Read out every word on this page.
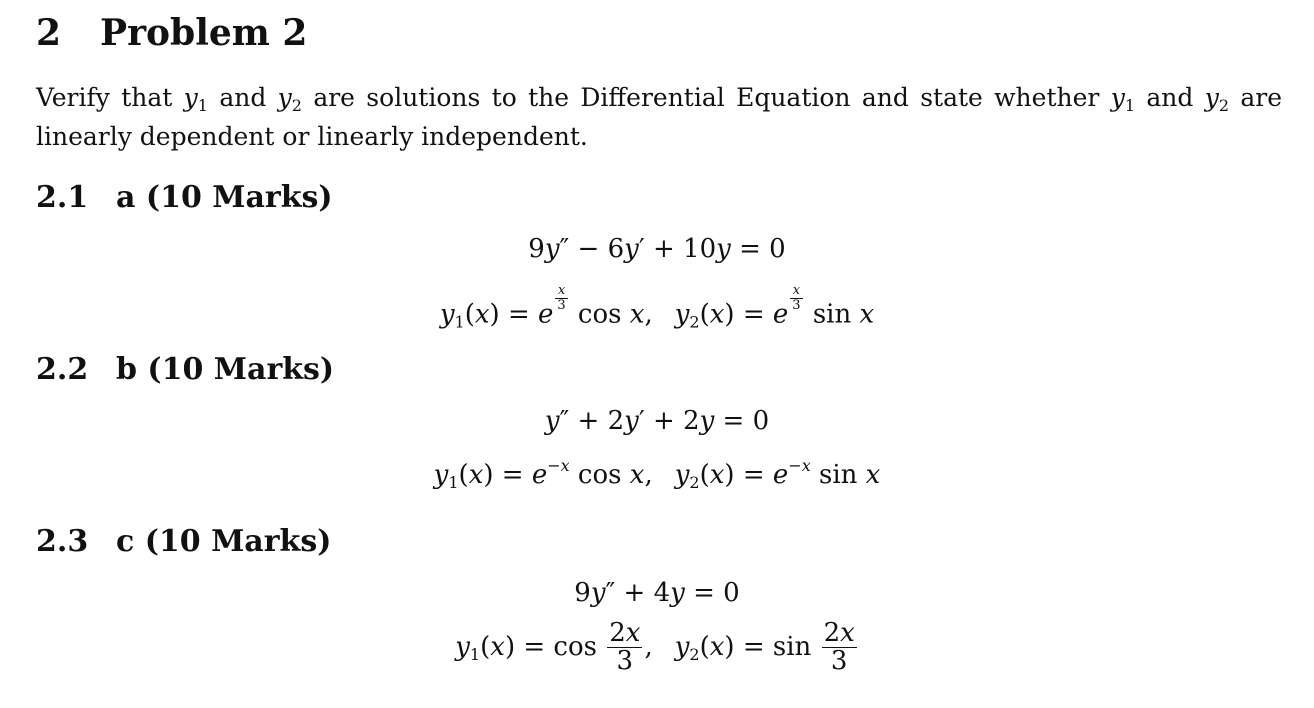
2 Problem 2
Verify that $y_1$ and $y_2$ are solutions to the Differential Equation and state whether $y_1$ and $y_2$ are linearly dependent or linearly independent.
2.1 a (10 Marks)
9y″ − 6y′ + 10y = 0
$y_1(x) = e$
$\frac{x}{3}$
cos x, $y_2(x) = e$
$\frac{x}{3}$
sin x
2.2 b (10 Marks)
y″ + 2y′ + 2y = 0
$y_1(x) = e^{-x}$ cos x, $y_2(x) = e^{-x}$ sin x
2.3 c (10 Marks)
9y″ + 4y = 0
$y_1(x) = \cos \frac{2x}{3}$ , $y_2(x) = \sin \frac{2x}{3}$
